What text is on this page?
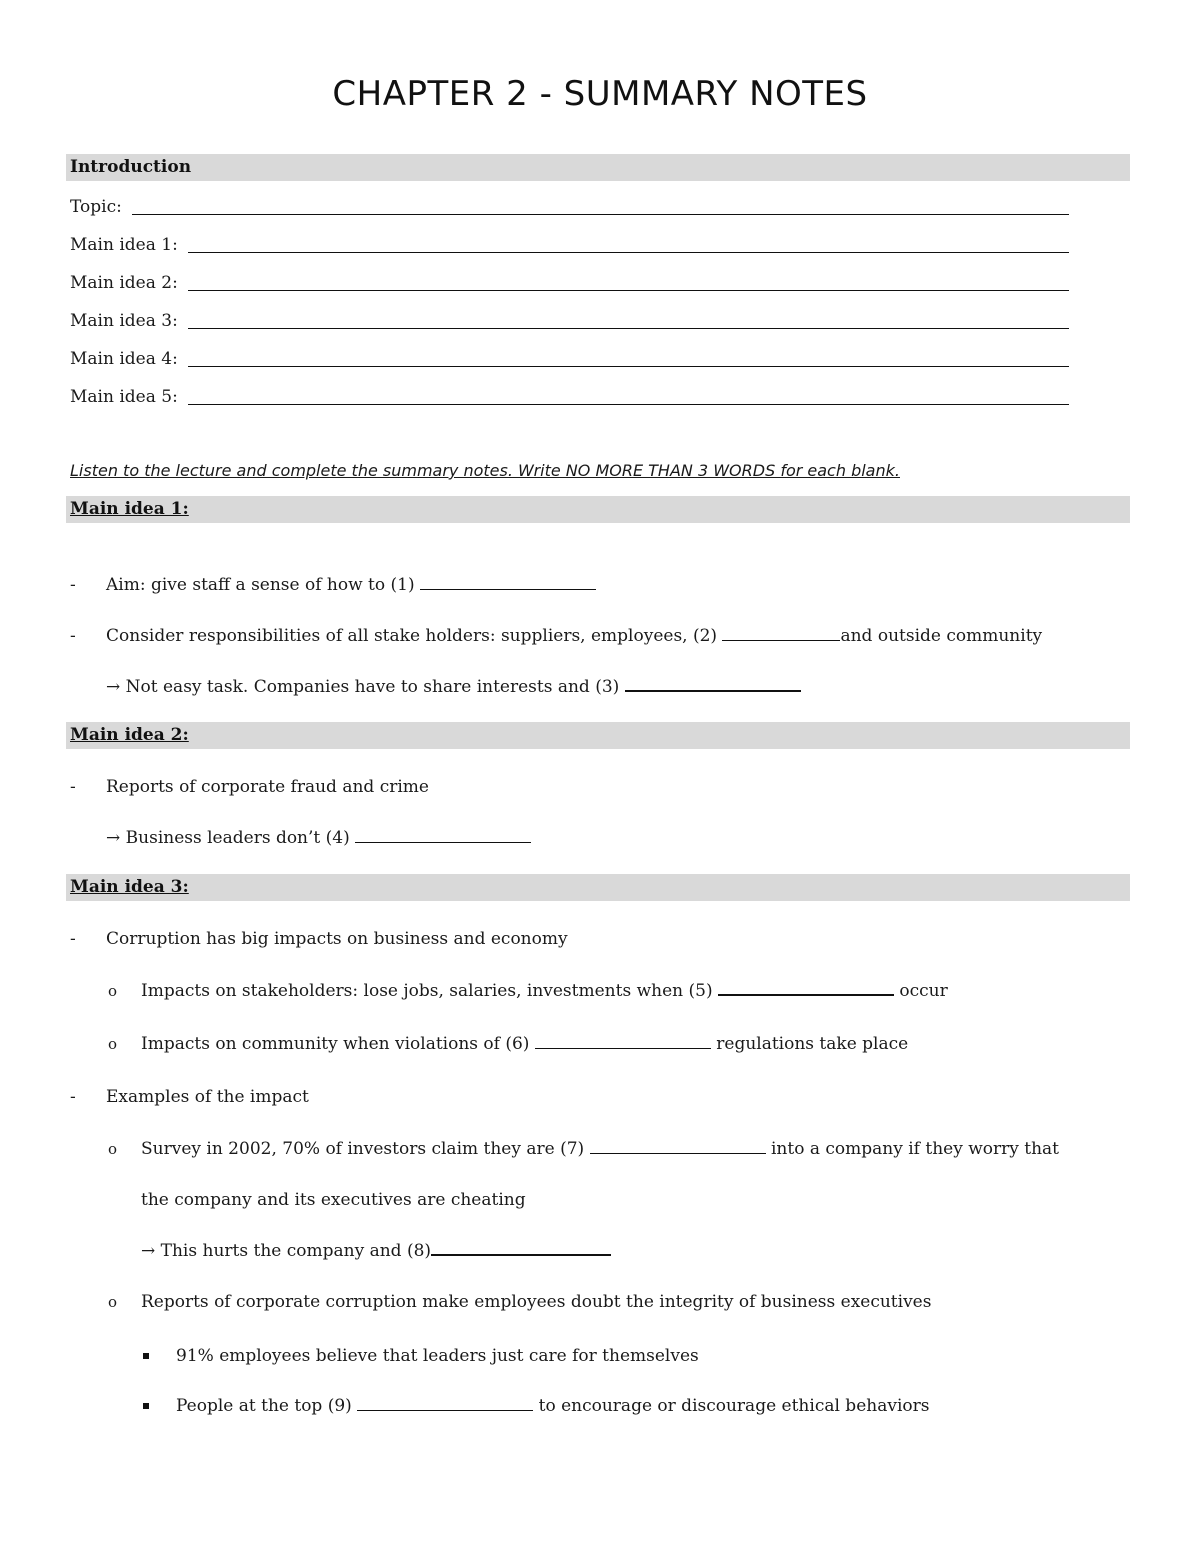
CHAPTER 2 - SUMMARY NOTES
Introduction
Topic:
Main idea 1:
Main idea 2:
Main idea 3:
Main idea 4:
Main idea 5:
Listen to the lecture and complete the summary notes. Write NO MORE THAN 3 WORDS for each blank.
Main idea 1:
- Aim: give staff a sense of how to (1)
- Consider responsibilities of all stake holders: suppliers, employees, (2)	and outside community
→ Not easy task. Companies have to share interests and (3)
Main idea 2:
- Reports of corporate fraud and crime
→ Business leaders don’t (4)
Main idea 3:
- Corruption has big impacts on business and economy
o Impacts on stakeholders: lose jobs, salaries, investments when (5)	occur
o Impacts on community when violations of (6)	regulations take place
- Examples of the impact
o Survey in 2002, 70% of investors claim they are (7)	into a company if they worry that
the company and its executives are cheating
→ This hurts the company and (8)
o Reports of corporate corruption make employees doubt the integrity of business executives
91% employees believe that leaders just care for themselves
People at the top (9)	to encourage or discourage ethical behaviors
